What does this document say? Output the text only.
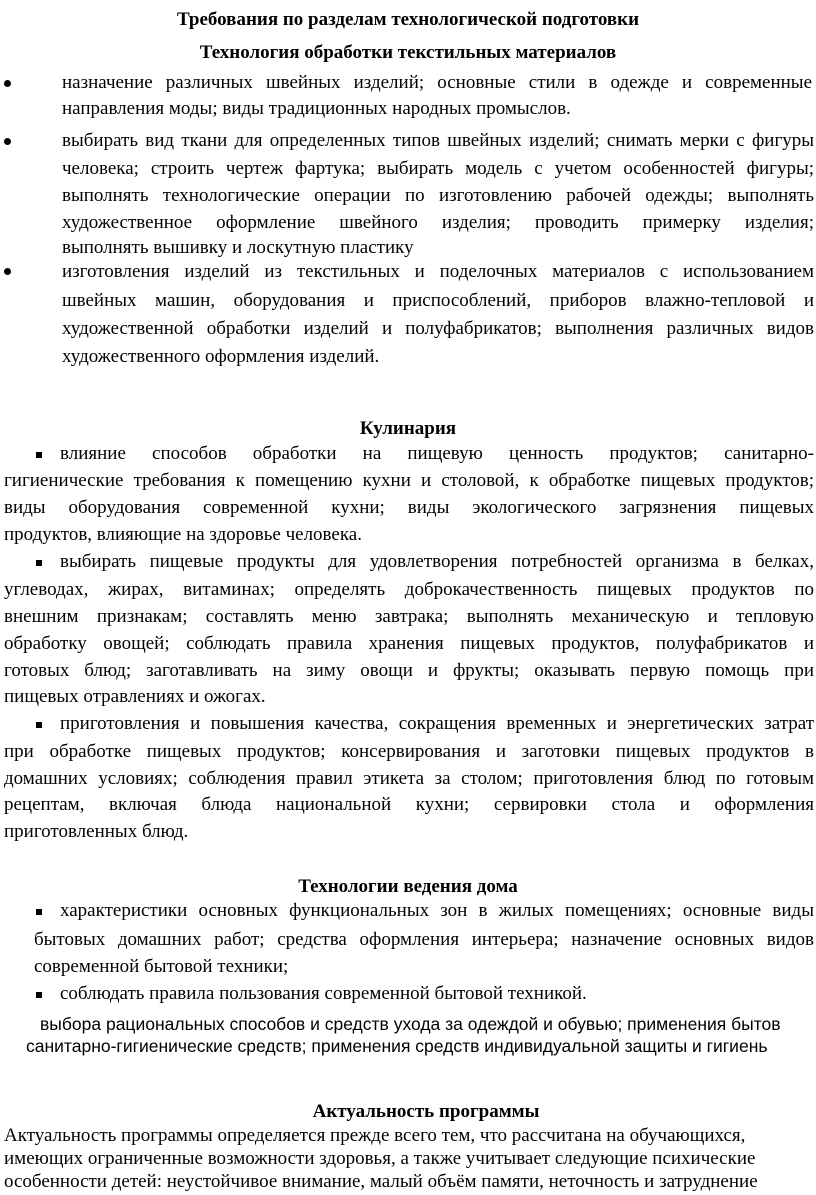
Требования по разделам технологической подготовки
Технология обработки текстильных материалов
назначение различных швейных изделий; основные стили в одежде и современные
направления моды; виды традиционных народных промыслов.
выбирать вид ткани для определенных типов швейных изделий; снимать мерки с фигуры
человека; строить чертеж фартука; выбирать модель с учетом особенностей фигуры;
выполнять технологические операции по изготовлению рабочей одежды; выполнять
художественное оформление швейного изделия; проводить примерку изделия;
выполнять вышивку и лоскутную пластику
изготовления изделий из текстильных и поделочных материалов с использованием
швейных машин, оборудования и приспособлений, приборов влажно-тепловой и
художественной обработки изделий и полуфабрикатов; выполнения различных видов
художественного оформления изделий.
Кулинария
влияние способов обработки на пищевую ценность продуктов; санитарно-
гигиенические требования к помещению кухни и столовой, к обработке пищевых продуктов;
виды оборудования современной кухни; виды экологического загрязнения пищевых
продуктов, влияющие на здоровье человека.
выбирать пищевые продукты для удовлетворения потребностей организма в белках,
углеводах, жирах, витаминах; определять доброкачественность пищевых продуктов по
внешним признакам; составлять меню завтрака; выполнять механическую и тепловую
обработку овощей; соблюдать правила хранения пищевых продуктов, полуфабрикатов и
готовых блюд; заготавливать на зиму овощи и фрукты; оказывать первую помощь при
пищевых отравлениях и ожогах.
приготовления и повышения качества, сокращения временных и энергетических затрат
при обработке пищевых продуктов; консервирования и заготовки пищевых продуктов в
домашних условиях; соблюдения правил этикета за столом; приготовления блюд по готовым
рецептам, включая блюда национальной кухни; сервировки стола и оформления
приготовленных блюд.
Технологии ведения дома
характеристики основных функциональных зон в жилых помещениях; основные виды
бытовых домашних работ; средства оформления интерьера; назначение основных видов
современной бытовой техники;
соблюдать правила пользования современной бытовой техникой.
выбора рациональных способов и средств ухода за одеждой и обувью; применения бытов
санитарно-гигиенические средств; применения средств индивидуальной защиты и гигиень
Актуальность программы
Актуальность программы определяется прежде всего тем, что рассчитана на обучающихся,
имеющих ограниченные возможности здоровья, а также учитывает следующие психические
особенности детей: неустойчивое внимание, малый объём памяти, неточность и затруднение
